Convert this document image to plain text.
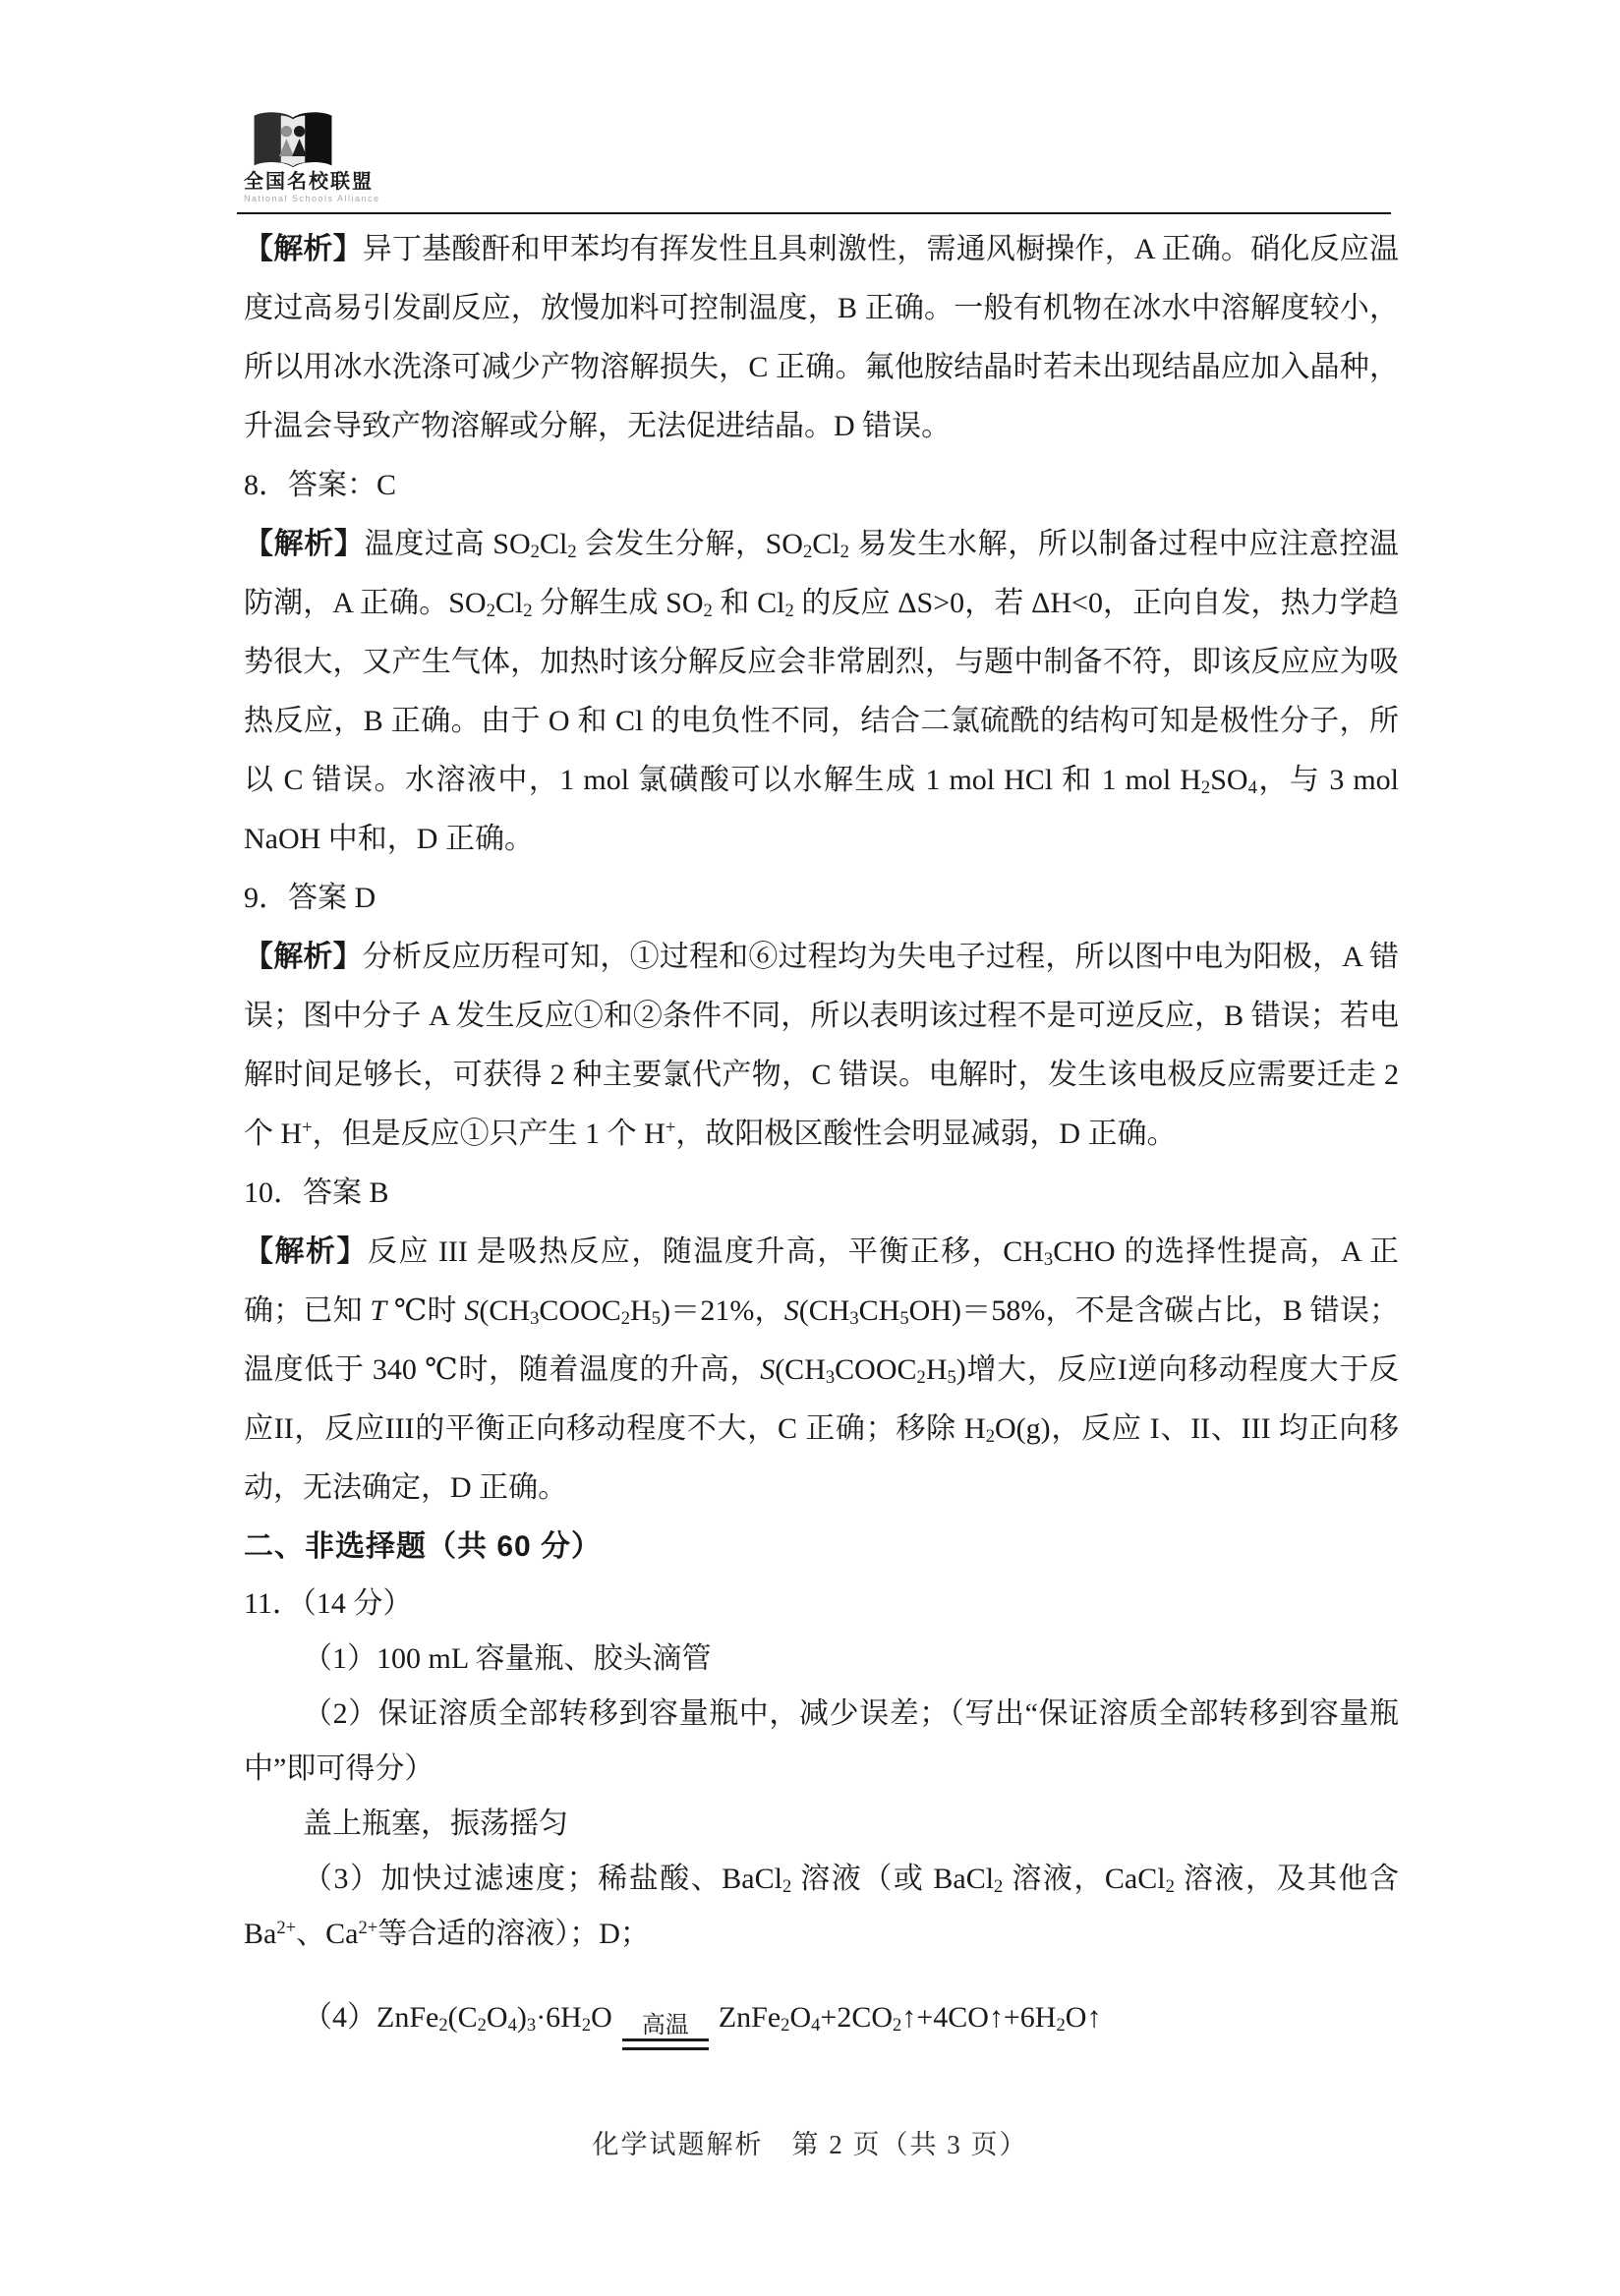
全国名校联盟
National Schools Alliance

【解析】异丁基酸酐和甲苯均有挥发性且具刺激性，需通风橱操作，A 正确。硝化反应温度过高易引发副反应，放慢加料可控制温度，B 正确。一般有机物在冰水中溶解度较小，所以用冰水洗涤可减少产物溶解损失，C 正确。氟他胺结晶时若未出现结晶应加入晶种，升温会导致产物溶解或分解，无法促进结晶。D 错误。

8．答案：C

【解析】温度过高 $SO_2Cl_2$ 会发生分解，$SO_2Cl_2$ 易发生水解，所以制备过程中应注意控温防潮，A 正确。$SO_2Cl_2$ 分解生成 $SO_2$ 和 $Cl_2$ 的反应 ΔS>0，若 ΔH<0，正向自发，热力学趋势很大，又产生气体，加热时该分解反应会非常剧烈，与题中制备不符，即该反应应为吸热反应，B 正确。由于 O 和 Cl 的电负性不同，结合二氯硫酰的结构可知是极性分子，所以 C 错误。水溶液中，1 mol 氯磺酸可以水解生成 1 mol HCl 和 1 mol $H_2SO_4$，与 3 mol NaOH 中和，D 正确。

9．答案 D

【解析】分析反应历程可知，①过程和⑥过程均为失电子过程，所以图中电为阳极，A 错误；图中分子 A 发生反应①和②条件不同，所以表明该过程不是可逆反应，B 错误；若电解时间足够长，可获得 2 种主要氯代产物，C 错误。电解时，发生该电极反应需要迁走 2 个 H+，但是反应①只产生 1 个 H+，故阳极区酸性会明显减弱，D 正确。

10．答案 B

【解析】反应 III 是吸热反应，随温度升高，平衡正移，$CH_3CHO$ 的选择性提高，A 正确；已知 T ℃时 $S(CH_3COOC_2H_5)=21\%$，$S(CH_3CH_5OH)=58\%$，不是含碳占比，B 错误；温度低于 340 ℃时，随着温度的升高，$S(CH_3COOC_2H_5)$增大，反应I逆向移动程度大于反应II，反应III的平衡正向移动程度不大，C 正确；移除 $H_2O(g)$，反应 I、II、III 均正向移动，无法确定，D 正确。

二、非选择题（共 60 分）

11．（14 分）

（1）100 mL 容量瓶、胶头滴管

（2）保证溶质全部转移到容量瓶中，减少误差；（写出“保证溶质全部转移到容量瓶中”即可得分）

盖上瓶塞，振荡摇匀

（3）加快过滤速度；稀盐酸、BaCl$_2$ 溶液（或 BaCl$_2$ 溶液，CaCl$_2$ 溶液，及其他含 $Ba^{2+}$、$Ca^{2+}$等合适的溶液）；D；

$(4)ZnFe_2(C_2O_4)_3\cdot 6H_2O$ 高温 $ZnFe_2O_4+2CO_2↑+4CO↑+6H_2O↑$

化学试题解析　第 2 页（共 3 页）
